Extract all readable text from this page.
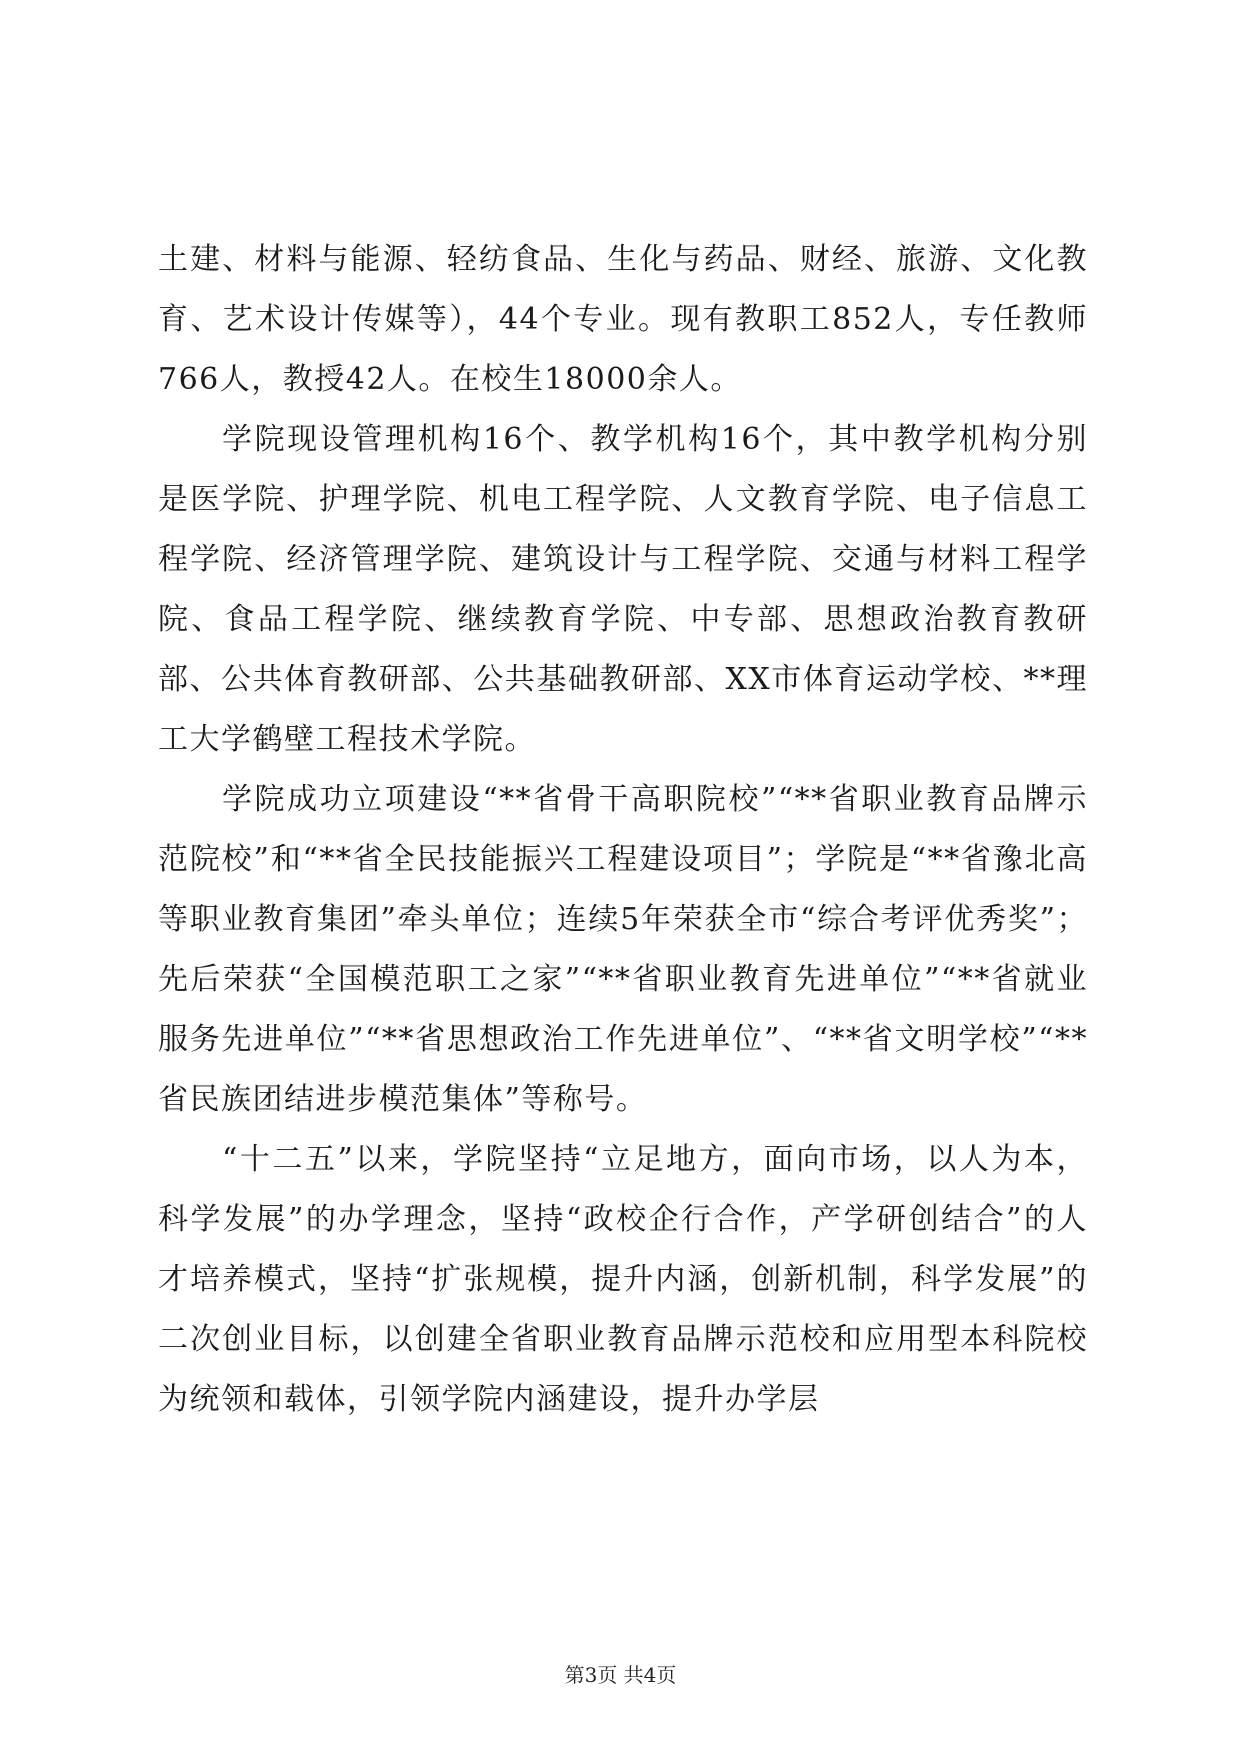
土建、材料与能源、轻纺食品、生化与药品、财经、旅游、文化教育、艺术设计传媒等），44个专业。现有教职工852人，专任教师766人，教授42人。在校生18000余人。

学院现设管理机构16个、教学机构16个，其中教学机构分别是医学院、护理学院、机电工程学院、人文教育学院、电子信息工程学院、经济管理学院、建筑设计与工程学院、交通与材料工程学院、食品工程学院、继续教育学院、中专部、思想政治教育教研部、公共体育教研部、公共基础教研部、XX市体育运动学校、**理工大学鹤壁工程技术学院。

学院成功立项建设“**省骨干高职院校”“**省职业教育品牌示范院校”和“**省全民技能振兴工程建设项目”；学院是“**省豫北高等职业教育集团”牵头单位；连续5年荣获全市“综合考评优秀奖”；先后荣获“全国模范职工之家”“**省职业教育先进单位”“**省就业服务先进单位”“**省思想政治工作先进单位”、“**省文明学校”“**省民族团结进步模范集体”等称号。

“十二五”以来，学院坚持“立足地方，面向市场，以人为本，科学发展”的办学理念，坚持“政校企行合作，产学研创结合”的人才培养模式，坚持“扩张规模，提升内涵，创新机制，科学发展”的二次创业目标，以创建全省职业教育品牌示范校和应用型本科院校为统领和载体，引领学院内涵建设，提升办学层

第3页 共4页
